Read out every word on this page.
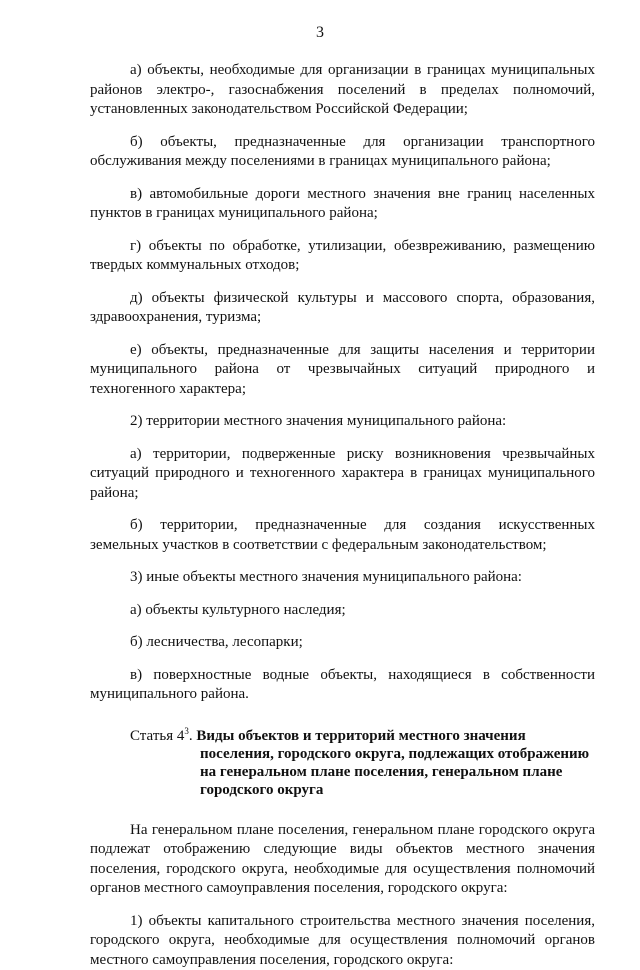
3

а) объекты, необходимые для организации в границах муниципальных районов электро-, газоснабжения поселений в пределах полномочий, установленных законодательством Российской Федерации;

б) объекты, предназначенные для организации транспортного обслуживания между поселениями в границах муниципального района;

в) автомобильные дороги местного значения вне границ населенных пунктов в границах муниципального района;

г) объекты по обработке, утилизации, обезвреживанию, размещению твердых коммунальных отходов;

д) объекты физической культуры и массового спорта, образования, здравоохранения, туризма;

е) объекты, предназначенные для защиты населения и территории муниципального района от чрезвычайных ситуаций природного и техногенного характера;

2) территории местного значения муниципального района:

а) территории, подверженные риску возникновения чрезвычайных ситуаций природного и техногенного характера в границах муниципального района;

б) территории, предназначенные для создания искусственных земельных участков в соответствии с федеральным законодательством;

3) иные объекты местного значения муниципального района:

а) объекты культурного наследия;

б) лесничества, лесопарки;

в) поверхностные водные объекты, находящиеся в собственности муниципального района.

Статья $4^3$. Виды объектов и территорий местного значения поселения, городского округа, подлежащих отображению на генеральном плане поселения, генеральном плане городского округа

На генеральном плане поселения, генеральном плане городского округа подлежат отображению следующие виды объектов местного значения поселения, городского округа, необходимые для осуществления полномочий органов местного самоуправления поселения, городского округа:

1) объекты капитального строительства местного значения поселения, городского округа, необходимые для осуществления полномочий органов местного самоуправления поселения, городского округа:
